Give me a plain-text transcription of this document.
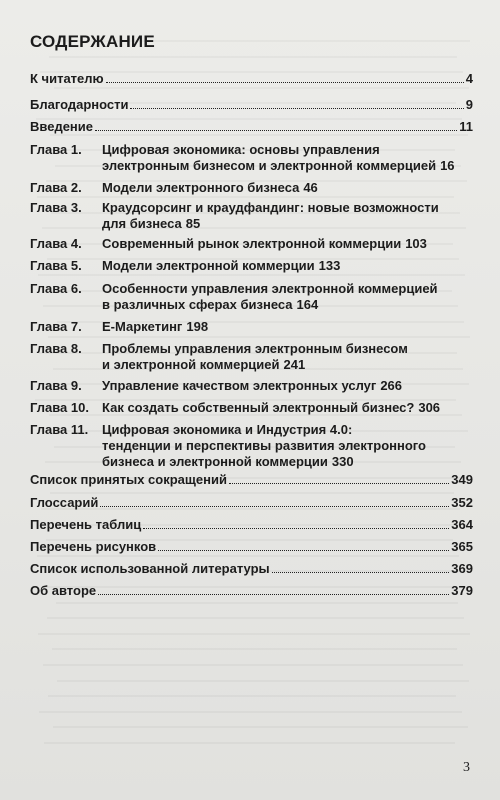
СОДЕРЖАНИЕ
К читателю	4
Благодарности	9
Введение	11
Глава 1. Цифровая экономика: основы управления
электронным бизнесом и электронной коммерцией 16
Глава 2. Модели электронного бизнеса 46
Глава 3. Краудсорсинг и краудфандинг: новые возможности
для бизнеса 85
Глава 4. Современный рынок электронной коммерции 103
Глава 5. Модели электронной коммерции 133
Глава 6. Особенности управления электронной коммерцией
в различных сферах бизнеса 164
Глава 7. Е-Маркетинг 198
Глава 8. Проблемы управления электронным бизнесом
и электронной коммерцией 241
Глава 9. Управление качеством электронных услуг 266
Глава 10. Как создать собственный электронный бизнес? 306
Глава 11. Цифровая экономика и Индустрия 4.0:
тенденции и перспективы развития электронного
бизнеса и электронной коммерции 330
Список принятых сокращений	349
Глоссарий	352
Перечень таблиц	364
Перечень рисунков	365
Список использованной литературы	369
Об авторе	379
3
